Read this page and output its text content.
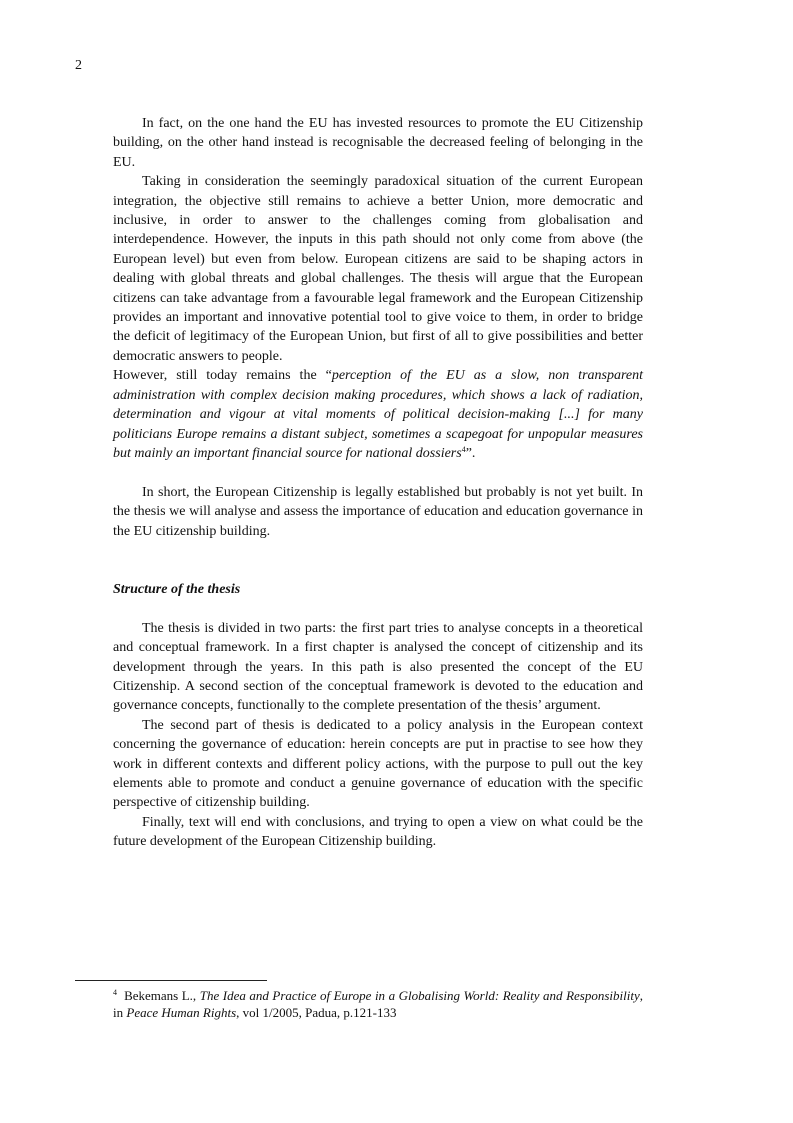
2

In fact, on the one hand the EU has invested resources to promote the EU Citizenship building, on the other hand instead is recognisable the decreased feeling of belonging in the EU.

Taking in consideration the seemingly paradoxical situation of the current European integration, the objective still remains to achieve a better Union, more democratic and inclusive, in order to answer to the challenges coming from globalisation and interdependence. However, the inputs in this path should not only come from above (the European level) but even from below. European citizens are said to be shaping actors in dealing with global threats and global challenges. The thesis will argue that the European citizens can take advantage from a favourable legal framework and the European Citizenship provides an important and innovative potential tool to give voice to them, in order to bridge the deficit of legitimacy of the European Union, but first of all to give possibilities and better democratic answers to people.

However, still today remains the “perception of the EU as a slow, non transparent administration with complex decision making procedures, which shows a lack of radiation, determination and vigour at vital moments of political decision-making [...] for many politicians Europe remains a distant subject, sometimes a scapegoat for unpopular measures but mainly an important financial source for national dossiers$^4$”.

In short, the European Citizenship is legally established but probably is not yet built. In the thesis we will analyse and assess the importance of education and education governance in the EU citizenship building.

Structure of the thesis

The thesis is divided in two parts: the first part tries to analyse concepts in a theoretical and conceptual framework. In a first chapter is analysed the concept of citizenship and its development through the years. In this path is also presented the concept of the EU Citizenship. A second section of the conceptual framework is devoted to the education and governance concepts, functionally to the complete presentation of the thesis’ argument.

The second part of thesis is dedicated to a policy analysis in the European context concerning the governance of education: herein concepts are put in practise to see how they work in different contexts and different policy actions, with the purpose to pull out the key elements able to promote and conduct a genuine governance of education with the specific perspective of citizenship building.

Finally, text will end with conclusions, and trying to open a view on what could be the future development of the European Citizenship building.

$^4$ Bekemans L., The Idea and Practice of Europe in a Globalising World: Reality and Responsibility, in Peace Human Rights, vol 1/2005, Padua, p.121-133
